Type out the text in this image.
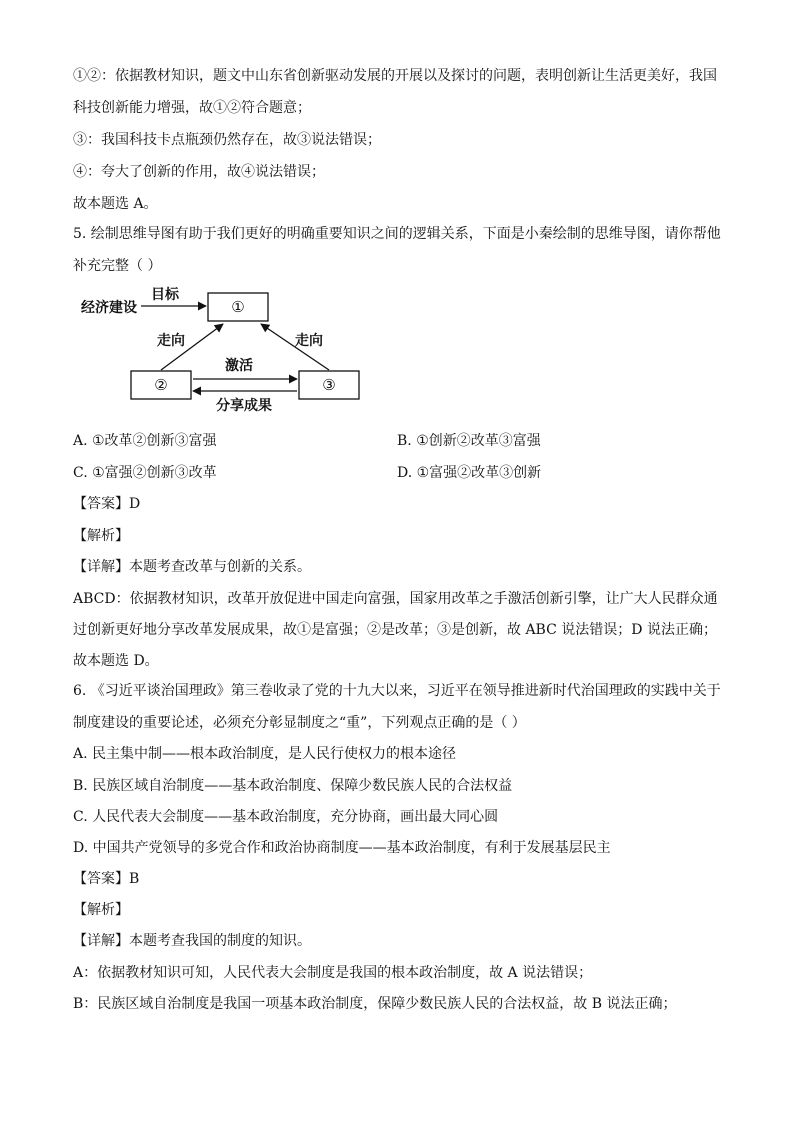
①②：依据教材知识，题文中山东省创新驱动发展的开展以及探讨的问题，表明创新让生活更美好，我国
科技创新能力增强，故①②符合题意；
③：我国科技卡点瓶颈仍然存在，故③说法错误；
④：夸大了创新的作用，故④说法错误；
故本题选 A。
5. 绘制思维导图有助于我们更好的明确重要知识之间的逻辑关系，下面是小秦绘制的思维导图，请你帮他
补充完整（ ）
①
②	③
经济建设
目标
走向	走向
激活
分享成果
A. ①改革②创新③富强	B. ①创新②改革③富强
C. ①富强②创新③改革	D. ①富强②改革③创新
【答案】D
【解析】
【详解】本题考查改革与创新的关系。
ABCD：依据教材知识，改革开放促进中国走向富强，国家用改革之手激活创新引擎，让广大人民群众通
过创新更好地分享改革发展成果，故①是富强；②是改革；③是创新，故 ABC 说法错误；D 说法正确；
故本题选 D。
6. 《习近平谈治国理政》第三卷收录了党的十九大以来，习近平在领导推进新时代治国理政的实践中关于
制度建设的重要论述，必须充分彰显制度之“重”，下列观点正确的是（ ）
A. 民主集中制——根本政治制度，是人民行使权力的根本途径
B. 民族区域自治制度——基本政治制度、保障少数民族人民的合法权益
C. 人民代表大会制度——基本政治制度，充分协商，画出最大同心圆
D. 中国共产党领导的多党合作和政治协商制度——基本政治制度，有利于发展基层民主
【答案】B
【解析】
【详解】本题考查我国的制度的知识。
A：依据教材知识可知，人民代表大会制度是我国的根本政治制度，故 A 说法错误；
B：民族区域自治制度是我国一项基本政治制度，保障少数民族人民的合法权益，故 B 说法正确；
